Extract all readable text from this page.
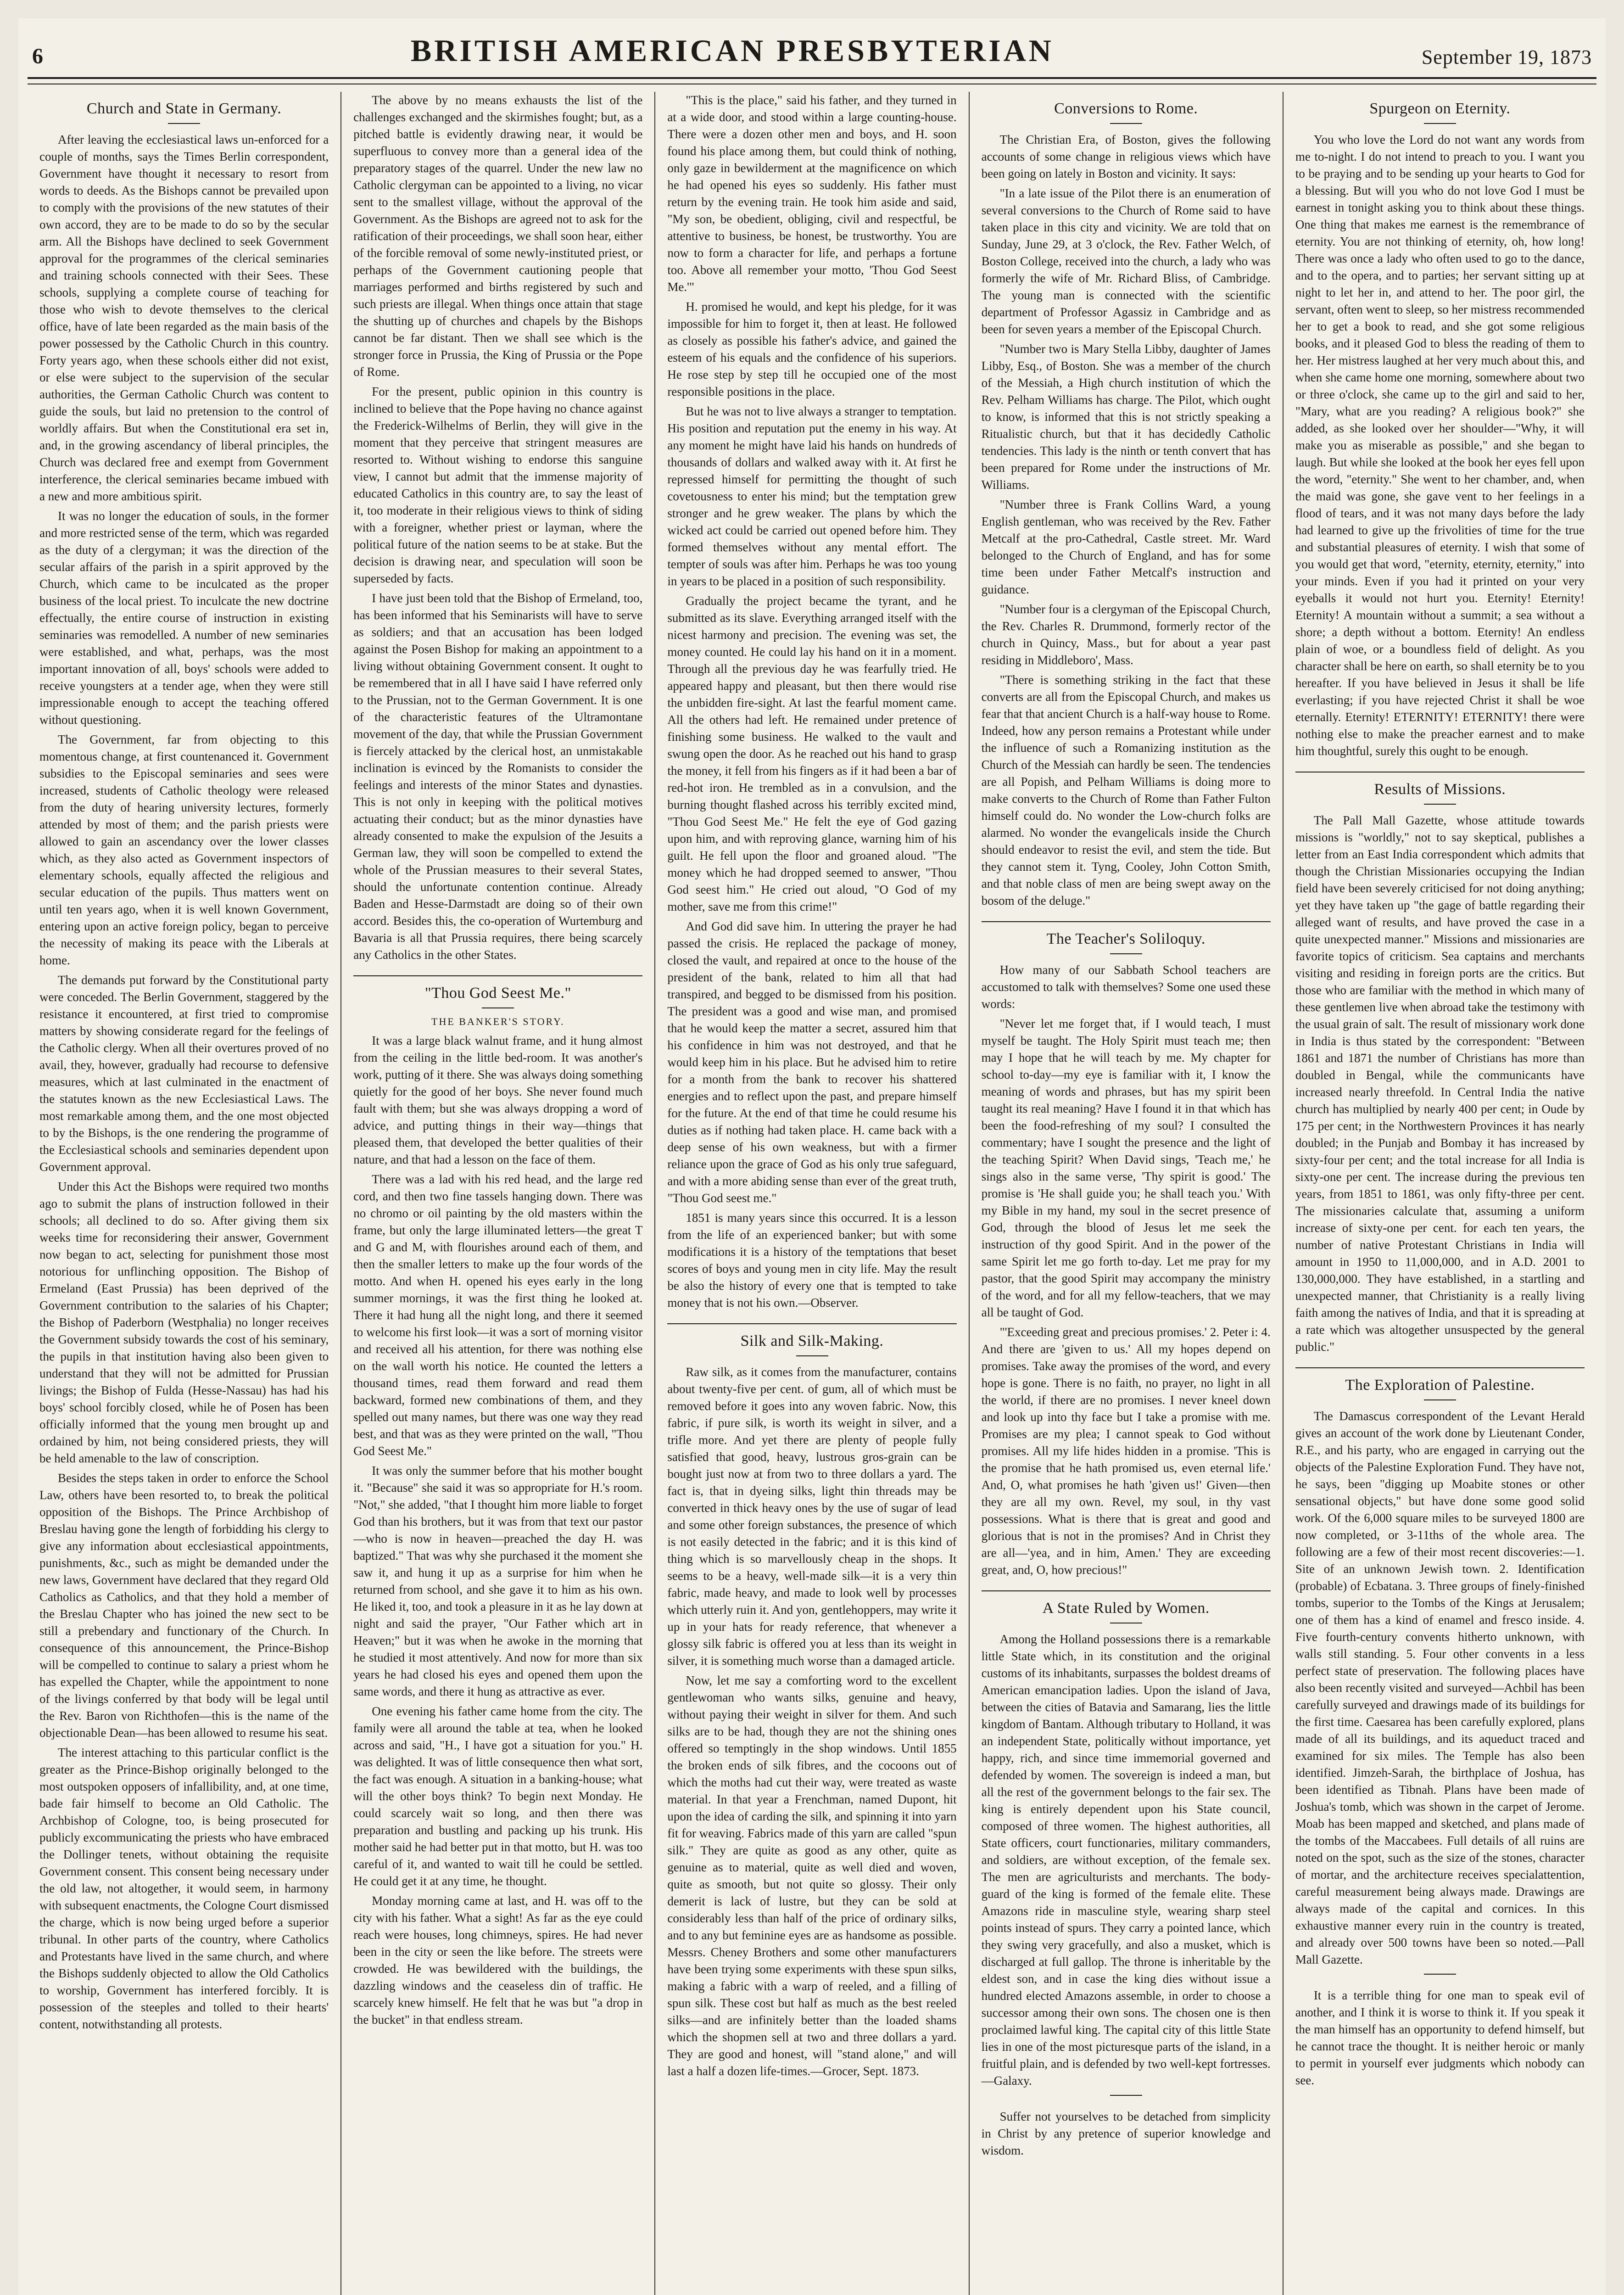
6	BRITISH AMERICAN PRESBYTERIAN	September 19, 1873
Church and State in Germany.

After leaving the ecclesiastical laws un-enforced for a couple of months, says the Times Berlin correspondent, Government have thought it necessary to resort from words to deeds. As the Bishops cannot be prevailed upon to comply with the provisions of the new statutes of their own accord, they are to be made to do so by the secular arm. All the Bishops have declined to seek Government approval for the programmes of the clerical seminaries and training schools connected with their Sees. These schools, supplying a complete course of teaching for those who wish to devote themselves to the clerical office, have of late been regarded as the main basis of the power possessed by the Catholic Church in this country. Forty years ago, when these schools either did not exist, or else were subject to the supervision of the secular authorities, the German Catholic Church was content to guide the souls, but laid no pretension to the control of worldly affairs. But when the Constitutional era set in, and, in the growing ascendancy of liberal principles, the Church was declared free and exempt from Government interference, the clerical seminaries became imbued with a new and more ambitious spirit.

It was no longer the education of souls, in the former and more restricted sense of the term, which was regarded as the duty of a clergyman; it was the direction of the secular affairs of the parish in a spirit approved by the Church, which came to be inculcated as the proper business of the local priest. To inculcate the new doctrine effectually, the entire course of instruction in existing seminaries was remodelled. A number of new seminaries were established, and what, perhaps, was the most important innovation of all, boys' schools were added to receive youngsters at a tender age, when they were still impressionable enough to accept the teaching offered without questioning.

The Government, far from objecting to this momentous change, at first countenanced it. Government subsidies to the Episcopal seminaries and sees were increased, students of Catholic theology were released from the duty of hearing university lectures, formerly attended by most of them; and the parish priests were allowed to gain an ascendancy over the lower classes which, as they also acted as Government inspectors of elementary schools, equally affected the religious and secular education of the pupils. Thus matters went on until ten years ago, when it is well known Government, entering upon an active foreign policy, began to perceive the necessity of making its peace with the Liberals at home.

The demands put forward by the Constitutional party were conceded. The Berlin Government, staggered by the resistance it encountered, at first tried to compromise matters by showing considerate regard for the feelings of the Catholic clergy. When all their overtures proved of no avail, they, however, gradually had recourse to defensive measures, which at last culminated in the enactment of the statutes known as the new Ecclesiastical Laws. The most remarkable among them, and the one most objected to by the Bishops, is the one rendering the programme of the Ecclesiastical schools and seminaries dependent upon Government approval.

Under this Act the Bishops were required two months ago to submit the plans of instruction followed in their schools; all declined to do so. After giving them six weeks time for reconsidering their answer, Government now began to act, selecting for punishment those most notorious for unflinching opposition. The Bishop of Ermeland (East Prussia) has been deprived of the Government contribution to the salaries of his Chapter; the Bishop of Paderborn (Westphalia) no longer receives the Government subsidy towards the cost of his seminary, the pupils in that institution having also been given to understand that they will not be admitted for Prussian livings; the Bishop of Fulda (Hesse-Nassau) has had his boys' school forcibly closed, while he of Posen has been officially informed that the young men brought up and ordained by him, not being considered priests, they will be held amenable to the law of conscription.

Besides the steps taken in order to enforce the School Law, others have been resorted to, to break the political opposition of the Bishops. The Prince Archbishop of Breslau having gone the length of forbidding his clergy to give any information about ecclesiastical appointments, punishments, &c., such as might be demanded under the new laws, Government have declared that they regard Old Catholics as Catholics, and that they hold a member of the Breslau Chapter who has joined the new sect to be still a prebendary and functionary of the Church. In consequence of this announcement, the Prince-Bishop will be compelled to continue to salary a priest whom he has expelled the Chapter, while the appointment to none of the livings conferred by that body will be legal until the Rev. Baron von Richthofen—this is the name of the objectionable Dean—has been allowed to resume his seat.

The interest attaching to this particular conflict is the greater as the Prince-Bishop originally belonged to the most outspoken opposers of infallibility, and, at one time, bade fair himself to become an Old Catholic. The Archbishop of Cologne, too, is being prosecuted for publicly excommunicating the priests who have embraced the Dollinger tenets, without obtaining the requisite Government consent. This consent being necessary under the old law, not altogether, it would seem, in harmony with subsequent enactments, the Cologne Court dismissed the charge, which is now being urged before a superior tribunal. In other parts of the country, where Catholics and Protestants have lived in the same church, and where the Bishops suddenly objected to allow the Old Catholics to worship, Government has interfered forcibly. It is possession of the steeples and tolled to their hearts' content, notwithstanding all protests.

The above by no means exhausts the list of the challenges exchanged and the skirmishes fought; but, as a pitched battle is evidently drawing near, it would be superfluous to convey more than a general idea of the preparatory stages of the quarrel. Under the new law no Catholic clergyman can be appointed to a living, no vicar sent to the smallest village, without the approval of the Government. As the Bishops are agreed not to ask for the ratification of their proceedings, we shall soon hear, either of the forcible removal of some newly-instituted priest, or perhaps of the Government cautioning people that marriages performed and births registered by such and such priests are illegal. When things once attain that stage the shutting up of churches and chapels by the Bishops cannot be far distant. Then we shall see which is the stronger force in Prussia, the King of Prussia or the Pope of Rome.

For the present, public opinion in this country is inclined to believe that the Pope having no chance against the Frederick-Wilhelms of Berlin, they will give in the moment that they perceive that stringent measures are resorted to. Without wishing to endorse this sanguine view, I cannot but admit that the immense majority of educated Catholics in this country are, to say the least of it, too moderate in their religious views to think of siding with a foreigner, whether priest or layman, where the political future of the nation seems to be at stake. But the decision is drawing near, and speculation will soon be superseded by facts.

I have just been told that the Bishop of Ermeland, too, has been informed that his Seminarists will have to serve as soldiers; and that an accusation has been lodged against the Posen Bishop for making an appointment to a living without obtaining Government consent. It ought to be remembered that in all I have said I have referred only to the Prussian, not to the German Government. It is one of the characteristic features of the Ultramontane movement of the day, that while the Prussian Government is fiercely attacked by the clerical host, an unmistakable inclination is evinced by the Romanists to consider the feelings and interests of the minor States and dynasties. This is not only in keeping with the political motives actuating their conduct; but as the minor dynasties have already consented to make the expulsion of the Jesuits a German law, they will soon be compelled to extend the whole of the Prussian measures to their several States, should the unfortunate contention continue. Already Baden and Hesse-Darmstadt are doing so of their own accord. Besides this, the co-operation of Wurtemburg and Bavaria is all that Prussia requires, there being scarcely any Catholics in the other States.

"Thou God Seest Me."
THE BANKER'S STORY.

It was a large black walnut frame, and it hung almost from the ceiling in the little bed-room. It was another's work, putting of it there. She was always doing something quietly for the good of her boys. She never found much fault with them; but she was always dropping a word of advice, and putting things in their way—things that pleased them, that developed the better qualities of their nature, and that had a lesson on the face of them.

There was a lad with his red head, and the large red cord, and then two fine tassels hanging down. There was no chromo or oil painting by the old masters within the frame, but only the large illuminated letters—the great T and G and M, with flourishes around each of them, and then the smaller letters to make up the four words of the motto. And when H. opened his eyes early in the long summer mornings, it was the first thing he looked at. There it had hung all the night long, and there it seemed to welcome his first look—it was a sort of morning visitor and received all his attention, for there was nothing else on the wall worth his notice. He counted the letters a thousand times, read them forward and read them backward, formed new combinations of them, and they spelled out many names, but there was one way they read best, and that was as they were printed on the wall, "Thou God Seest Me."

It was only the summer before that his mother bought it. "Because" she said it was so appropriate for H.'s room. "Not," she added, "that I thought him more liable to forget God than his brothers, but it was from that text our pastor—who is now in heaven—preached the day H. was baptized." That was why she purchased it the moment she saw it, and hung it up as a surprise for him when he returned from school, and she gave it to him as his own. He liked it, too, and took a pleasure in it as he lay down at night and said the prayer, "Our Father which art in Heaven;" but it was when he awoke in the morning that he studied it most attentively. And now for more than six years he had closed his eyes and opened them upon the same words, and there it hung as attractive as ever.

One evening his father came home from the city. The family were all around the table at tea, when he looked across and said, "H., I have got a situation for you." H. was delighted. It was of little consequence then what sort, the fact was enough. A situation in a banking-house; what will the other boys think? To begin next Monday. He could scarcely wait so long, and then there was preparation and bustling and packing up his trunk. His mother said he had better put in that motto, but H. was too careful of it, and wanted to wait till he could be settled. He could get it at any time, he thought.

Monday morning came at last, and H. was off to the city with his father. What a sight! As far as the eye could reach were houses, long chimneys, spires. He had never been in the city or seen the like before. The streets were crowded. He was bewildered with the buildings, the dazzling windows and the ceaseless din of traffic. He scarcely knew himself. He felt that he was but "a drop in the bucket" in that endless stream.

"This is the place," said his father, and they turned in at a wide door, and stood within a large counting-house. There were a dozen other men and boys, and H. soon found his place among them, but could think of nothing, only gaze in bewilderment at the magnificence on which he had opened his eyes so suddenly. His father must return by the evening train. He took him aside and said, "My son, be obedient, obliging, civil and respectful, be attentive to business, be honest, be trustworthy. You are now to form a character for life, and perhaps a fortune too. Above all remember your motto, 'Thou God Seest Me.'"

H. promised he would, and kept his pledge, for it was impossible for him to forget it, then at least. He followed as closely as possible his father's advice, and gained the esteem of his equals and the confidence of his superiors. He rose step by step till he occupied one of the most responsible positions in the place.

But he was not to live always a stranger to temptation. His position and reputation put the enemy in his way. At any moment he might have laid his hands on hundreds of thousands of dollars and walked away with it. At first he repressed himself for permitting the thought of such covetousness to enter his mind; but the temptation grew stronger and he grew weaker. The plans by which the wicked act could be carried out opened before him. They formed themselves without any mental effort. The tempter of souls was after him. Perhaps he was too young in years to be placed in a position of such responsibility.

Gradually the project became the tyrant, and he submitted as its slave. Everything arranged itself with the nicest harmony and precision. The evening was set, the money counted. He could lay his hand on it in a moment. Through all the previous day he was fearfully tried. He appeared happy and pleasant, but then there would rise the unbidden fire-sight. At last the fearful moment came. All the others had left. He remained under pretence of finishing some business. He walked to the vault and swung open the door. As he reached out his hand to grasp the money, it fell from his fingers as if it had been a bar of red-hot iron. He trembled as in a convulsion, and the burning thought flashed across his terribly excited mind, "Thou God Seest Me." He felt the eye of God gazing upon him, and with reproving glance, warning him of his guilt. He fell upon the floor and groaned aloud. "The money which he had dropped seemed to answer, "Thou God seest him." He cried out aloud, "O God of my mother, save me from this crime!"

And God did save him. In uttering the prayer he had passed the crisis. He replaced the package of money, closed the vault, and repaired at once to the house of the president of the bank, related to him all that had transpired, and begged to be dismissed from his position. The president was a good and wise man, and promised that he would keep the matter a secret, assured him that his confidence in him was not destroyed, and that he would keep him in his place. But he advised him to retire for a month from the bank to recover his shattered energies and to reflect upon the past, and prepare himself for the future. At the end of that time he could resume his duties as if nothing had taken place. H. came back with a deep sense of his own weakness, but with a firmer reliance upon the grace of God as his only true safeguard, and with a more abiding sense than ever of the great truth, "Thou God seest me."

1851 is many years since this occurred. It is a lesson from the life of an experienced banker; but with some modifications it is a history of the temptations that beset scores of boys and young men in city life. May the result be also the history of every one that is tempted to take money that is not his own.—Observer.

Silk and Silk-Making.

Raw silk, as it comes from the manufacturer, contains about twenty-five per cent. of gum, all of which must be removed before it goes into any woven fabric. Now, this fabric, if pure silk, is worth its weight in silver, and a trifle more. And yet there are plenty of people fully satisfied that good, heavy, lustrous gros-grain can be bought just now at from two to three dollars a yard. The fact is, that in dyeing silks, light thin threads may be converted in thick heavy ones by the use of sugar of lead and some other foreign substances, the presence of which is not easily detected in the fabric; and it is this kind of thing which is so marvellously cheap in the shops. It seems to be a heavy, well-made silk—it is a very thin fabric, made heavy, and made to look well by processes which utterly ruin it. And yon, gentlehoppers, may write it up in your hats for ready reference, that whenever a glossy silk fabric is offered you at less than its weight in silver, it is something much worse than a damaged article.

Now, let me say a comforting word to the excellent gentlewoman who wants silks, genuine and heavy, without paying their weight in silver for them. And such silks are to be had, though they are not the shining ones offered so temptingly in the shop windows. Until 1855 the broken ends of silk fibres, and the cocoons out of which the moths had cut their way, were treated as waste material. In that year a Frenchman, named Dupont, hit upon the idea of carding the silk, and spinning it into yarn fit for weaving. Fabrics made of this yarn are called "spun silk." They are quite as good as any other, quite as genuine as to material, quite as well died and woven, quite as smooth, but not quite so glossy. Their only demerit is lack of lustre, but they can be sold at considerably less than half of the price of ordinary silks, and to any but feminine eyes are as handsome as possible. Messrs. Cheney Brothers and some other manufacturers have been trying some experiments with these spun silks, making a fabric with a warp of reeled, and a filling of spun silk. These cost but half as much as the best reeled silks—and are infinitely better than the loaded shams which the shopmen sell at two and three dollars a yard. They are good and honest, will "stand alone," and will last a half a dozen life-times.—Grocer, Sept. 1873.

Conversions to Rome.

The Christian Era, of Boston, gives the following accounts of some change in religious views which have been going on lately in Boston and vicinity. It says:

"In a late issue of the Pilot there is an enumeration of several conversions to the Church of Rome said to have taken place in this city and vicinity. We are told that on Sunday, June 29, at 3 o'clock, the Rev. Father Welch, of Boston College, received into the church, a lady who was formerly the wife of Mr. Richard Bliss, of Cambridge. The young man is connected with the scientific department of Professor Agassiz in Cambridge and as been for seven years a member of the Episcopal Church.

"Number two is Mary Stella Libby, daughter of James Libby, Esq., of Boston. She was a member of the church of the Messiah, a High church institution of which the Rev. Pelham Williams has charge. The Pilot, which ought to know, is informed that this is not strictly speaking a Ritualistic church, but that it has decidedly Catholic tendencies. This lady is the ninth or tenth convert that has been prepared for Rome under the instructions of Mr. Williams.

"Number three is Frank Collins Ward, a young English gentleman, who was received by the Rev. Father Metcalf at the pro-Cathedral, Castle street. Mr. Ward belonged to the Church of England, and has for some time been under Father Metcalf's instruction and guidance.

"Number four is a clergyman of the Episcopal Church, the Rev. Charles R. Drummond, formerly rector of the church in Quincy, Mass., but for about a year past residing in Middleboro', Mass.

"There is something striking in the fact that these converts are all from the Episcopal Church, and makes us fear that that ancient Church is a half-way house to Rome. Indeed, how any person remains a Protestant while under the influence of such a Romanizing institution as the Church of the Messiah can hardly be seen. The tendencies are all Popish, and Pelham Williams is doing more to make converts to the Church of Rome than Father Fulton himself could do. No wonder the Low-church folks are alarmed. No wonder the evangelicals inside the Church should endeavor to resist the evil, and stem the tide. But they cannot stem it. Tyng, Cooley, John Cotton Smith, and that noble class of men are being swept away on the bosom of the deluge."

The Teacher's Soliloquy.

How many of our Sabbath School teachers are accustomed to talk with themselves? Some one used these words:

"Never let me forget that, if I would teach, I must myself be taught. The Holy Spirit must teach me; then may I hope that he will teach by me. My chapter for school to-day—my eye is familiar with it, I know the meaning of words and phrases, but has my spirit been taught its real meaning? Have I found it in that which has been the food-refreshing of my soul? I consulted the commentary; have I sought the presence and the light of the teaching Spirit? When David sings, 'Teach me,' he sings also in the same verse, 'Thy spirit is good.' The promise is 'He shall guide you; he shall teach you.' With my Bible in my hand, my soul in the secret presence of God, through the blood of Jesus let me seek the instruction of thy good Spirit. And in the power of the same Spirit let me go forth to-day. Let me pray for my pastor, that the good Spirit may accompany the ministry of the word, and for all my fellow-teachers, that we may all be taught of God.

"'Exceeding great and precious promises.' 2. Peter i: 4. And there are 'given to us.' All my hopes depend on promises. Take away the promises of the word, and every hope is gone. There is no faith, no prayer, no light in all the world, if there are no promises. I never kneel down and look up into thy face but I take a promise with me. Promises are my plea; I cannot speak to God without promises. All my life hides hidden in a promise. 'This is the promise that he hath promised us, even eternal life.' And, O, what promises he hath 'given us!' Given—then they are all my own. Revel, my soul, in thy vast possessions. What is there that is great and good and glorious that is not in the promises? And in Christ they are all—'yea, and in him, Amen.' They are exceeding great, and, O, how precious!"

A State Ruled by Women.

Among the Holland possessions there is a remarkable little State which, in its constitution and the original customs of its inhabitants, surpasses the boldest dreams of American emancipation ladies. Upon the island of Java, between the cities of Batavia and Samarang, lies the little kingdom of Bantam. Although tributary to Holland, it was an independent State, politically without importance, yet happy, rich, and since time immemorial governed and defended by women. The sovereign is indeed a man, but all the rest of the government belongs to the fair sex. The king is entirely dependent upon his State council, composed of three women. The highest authorities, all State officers, court functionaries, military commanders, and soldiers, are without exception, of the female sex. The men are agriculturists and merchants. The body-guard of the king is formed of the female elite. These Amazons ride in masculine style, wearing sharp steel points instead of spurs. They carry a pointed lance, which they swing very gracefully, and also a musket, which is discharged at full gallop. The throne is inheritable by the eldest son, and in case the king dies without issue a hundred elected Amazons assemble, in order to choose a successor among their own sons. The chosen one is then proclaimed lawful king. The capital city of this little State lies in one of the most picturesque parts of the island, in a fruitful plain, and is defended by two well-kept fortresses.—Galaxy.

Suffer not yourselves to be detached from simplicity in Christ by any pretence of superior knowledge and wisdom.

Spurgeon on Eternity.

You who love the Lord do not want any words from me to-night. I do not intend to preach to you. I want you to be praying and to be sending up your hearts to God for a blessing. But will you who do not love God I must be earnest in tonight asking you to think about these things. One thing that makes me earnest is the remembrance of eternity. You are not thinking of eternity, oh, how long! There was once a lady who often used to go to the dance, and to the opera, and to parties; her servant sitting up at night to let her in, and attend to her. The poor girl, the servant, often went to sleep, so her mistress recommended her to get a book to read, and she got some religious books, and it pleased God to bless the reading of them to her. Her mistress laughed at her very much about this, and when she came home one morning, somewhere about two or three o'clock, she came up to the girl and said to her, "Mary, what are you reading? A religious book?" she added, as she looked over her shoulder—"Why, it will make you as miserable as possible," and she began to laugh. But while she looked at the book her eyes fell upon the word, "eternity." She went to her chamber, and, when the maid was gone, she gave vent to her feelings in a flood of tears, and it was not many days before the lady had learned to give up the frivolities of time for the true and substantial pleasures of eternity. I wish that some of you would get that word, "eternity, eternity, eternity," into your minds. Even if you had it printed on your very eyeballs it would not hurt you. Eternity! Eternity! Eternity! A mountain without a summit; a sea without a shore; a depth without a bottom. Eternity! An endless plain of woe, or a boundless field of delight. As you character shall be here on earth, so shall eternity be to you hereafter. If you have believed in Jesus it shall be life everlasting; if you have rejected Christ it shall be woe eternally. Eternity! ETERNITY! ETERNITY! there were nothing else to make the preacher earnest and to make him thoughtful, surely this ought to be enough.

Results of Missions.

The Pall Mall Gazette, whose attitude towards missions is "worldly," not to say skeptical, publishes a letter from an East India correspondent which admits that though the Christian Missionaries occupying the Indian field have been severely criticised for not doing anything; yet they have taken up "the gage of battle regarding their alleged want of results, and have proved the case in a quite unexpected manner." Missions and missionaries are favorite topics of criticism. Sea captains and merchants visiting and residing in foreign ports are the critics. But those who are familiar with the method in which many of these gentlemen live when abroad take the testimony with the usual grain of salt. The result of missionary work done in India is thus stated by the correspondent: "Between 1861 and 1871 the number of Christians has more than doubled in Bengal, while the communicants have increased nearly threefold. In Central India the native church has multiplied by nearly 400 per cent; in Oude by 175 per cent; in the Northwestern Provinces it has nearly doubled; in the Punjab and Bombay it has increased by sixty-four per cent; and the total increase for all India is sixty-one per cent. The increase during the previous ten years, from 1851 to 1861, was only fifty-three per cent. The missionaries calculate that, assuming a uniform increase of sixty-one per cent. for each ten years, the number of native Protestant Christians in India will amount in 1950 to 11,000,000, and in A.D. 2001 to 130,000,000. They have established, in a startling and unexpected manner, that Christianity is a really living faith among the natives of India, and that it is spreading at a rate which was altogether unsuspected by the general public."

The Exploration of Palestine.

The Damascus correspondent of the Levant Herald gives an account of the work done by Lieutenant Conder, R.E., and his party, who are engaged in carrying out the objects of the Palestine Exploration Fund. They have not, he says, been "digging up Moabite stones or other sensational objects," but have done some good solid work. Of the 6,000 square miles to be surveyed 1800 are now completed, or 3-11ths of the whole area. The following are a few of their most recent discoveries:—1. Site of an unknown Jewish town. 2. Identification (probable) of Ecbatana. 3. Three groups of finely-finished tombs, superior to the Tombs of the Kings at Jerusalem; one of them has a kind of enamel and fresco inside. 4. Five fourth-century convents hitherto unknown, with walls still standing. 5. Four other convents in a less perfect state of preservation. The following places have also been recently visited and surveyed—Achbil has been carefully surveyed and drawings made of its buildings for the first time. Caesarea has been carefully explored, plans made of all its buildings, and its aqueduct traced and examined for six miles. The Temple has also been identified. Jimzeh-Sarah, the birthplace of Joshua, has been identified as Tibnah. Plans have been made of Joshua's tomb, which was shown in the carpet of Jerome. Moab has been mapped and sketched, and plans made of the tombs of the Maccabees. Full details of all ruins are noted on the spot, such as the size of the stones, character of mortar, and the architecture receives specialattention, careful measurement being always made. Drawings are always made of the capital and cornices. In this exhaustive manner every ruin in the country is treated, and already over 500 towns have been so noted.—Pall Mall Gazette.

It is a terrible thing for one man to speak evil of another, and I think it is worse to think it. If you speak it the man himself has an opportunity to defend himself, but he cannot trace the thought. It is neither heroic or manly to permit in yourself ever judgments which nobody can see.
